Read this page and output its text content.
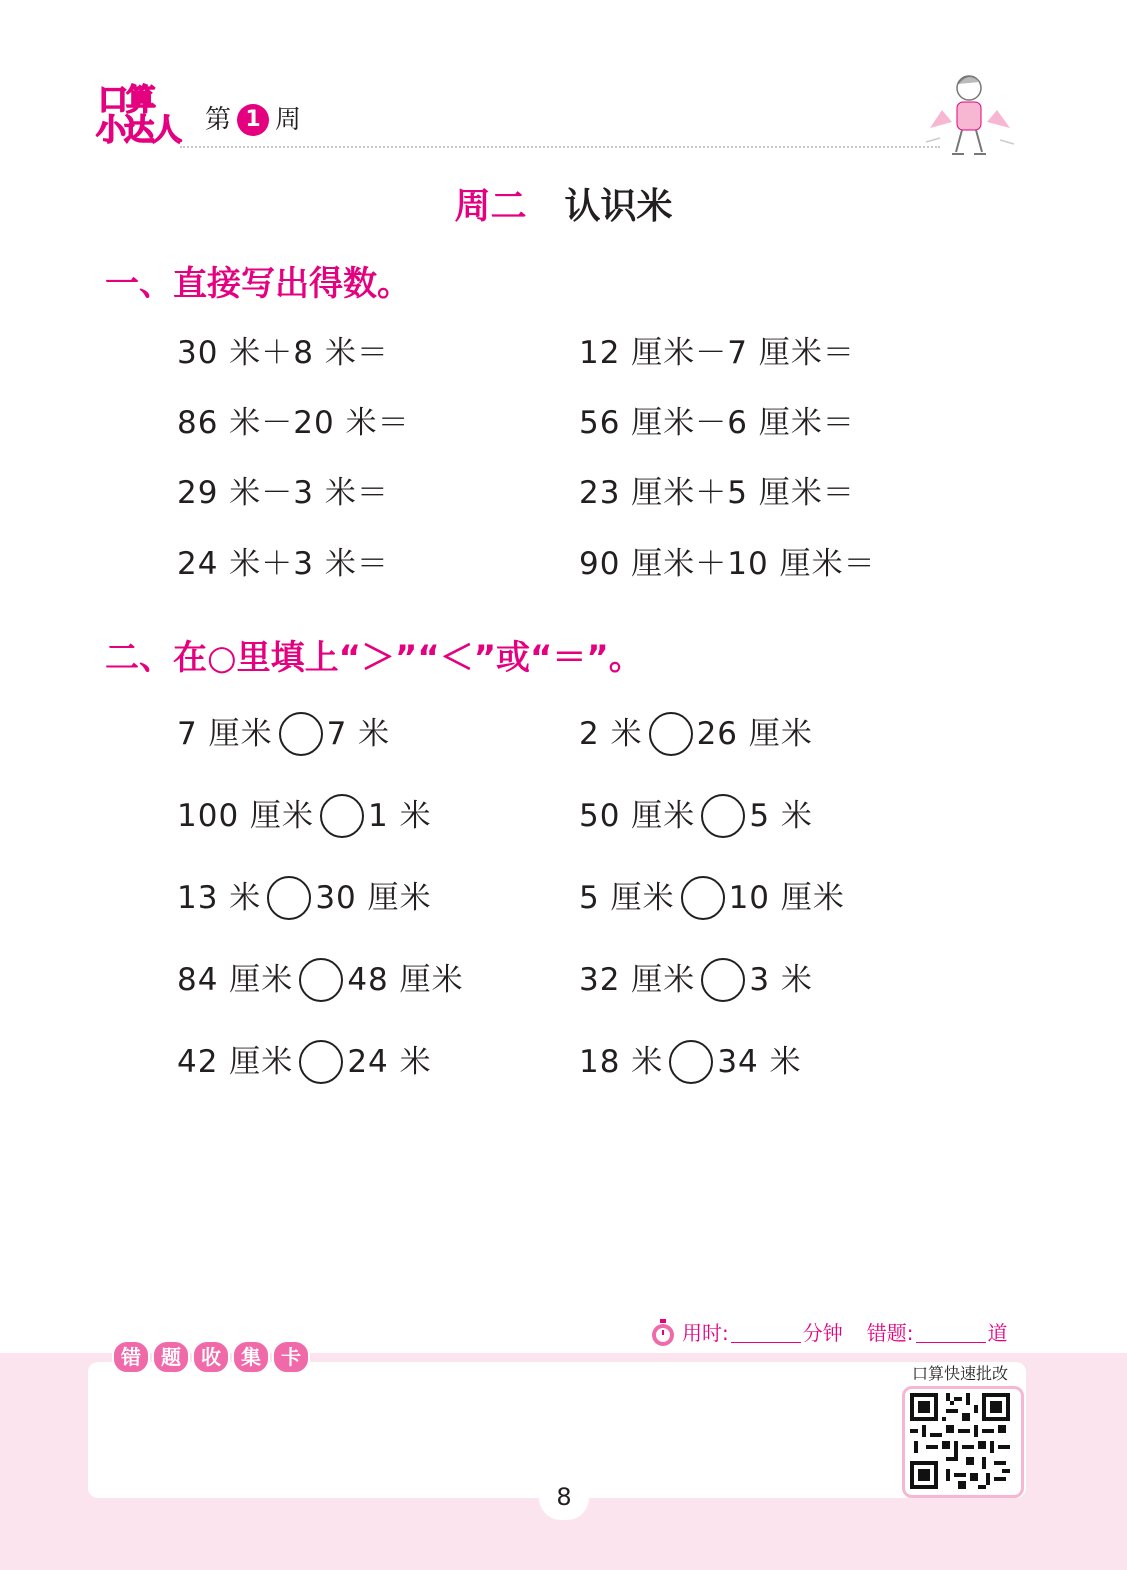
口算
小达人 第 1 周
周二 认识米
一、直接写出得数。
30 米＋8 米＝
86 米－20 米＝
29 米－3 米＝
24 米＋3 米＝
12 厘米－7 厘米＝
56 厘米－6 厘米＝
23 厘米＋5 厘米＝
90 厘米＋10 厘米＝
二、在○里填上“＞”“＜”或“＝”。
7 厘米 7 米
100 厘米 1 米
13 米 30 厘米
84 厘米 48 厘米
42 厘米 24 米
2 米 26 厘米
50 厘米 5 米
5 厘米 10 厘米
32 厘米 3 米
18 米 34 米
用时:	分钟 错题:	道
错	题	收	集	卡
口算快速批改
8
